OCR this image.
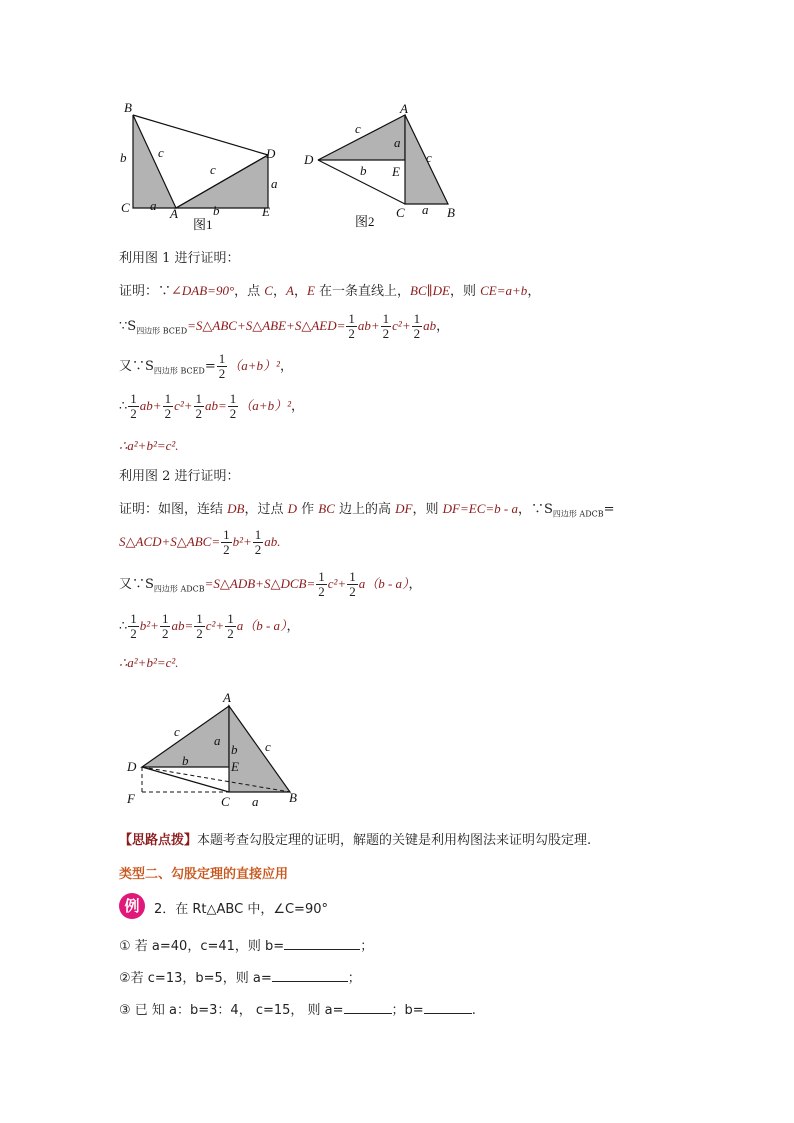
B
C	A
D
E
b c
c
a	b
a
图1
A
D
E
C	B
c
a
b
c
a
图2
利用图 1 进行证明：
证明：∵∠DAB=90°，点 C，A，E 在一条直线上，BC∥DE，则 CE=a+b，
$\because S_{四边形 BCED}=S\triangle ABC+S\triangle ABE+S\triangle AED= \frac{1}{2} ab+ \frac{1}{2} c^2+ \frac{1}{2}$ ab，
又$\because S_{四边形 BCED}= \frac{1}{2} (a+b)^2$，
∴ $\frac{1}{2} ab+ \frac{1}{2} c^2+ \frac{1}{2} ab= \frac{1}{2} (a+b)^2$，
∴a²+b²=c².
利用图 2 进行证明：
证明：如图，连结 DB，过点 D 作 BC 边上的高 DF，则 DF=EC=b - a，$\because S_{四边形 ADCB}=$
S△ACD+S△ABC= $\frac{1}{2} b^2+ \frac{1}{2}$ ab.
又$\because S_{四边形 ADCB}=S\triangle ADB+S\triangle DCB= \frac{1}{2} c^2+ \frac{1}{2} a(b - a)$，
∴ $\frac{1}{2} b^2+ \frac{1}{2} ab= \frac{1}{2} c^2+ \frac{1}{2} a(b - a)$，
∴a²+b²=c².
A
D	E
F	C	B
c
a
b
b c
a
【思路点拨】本题考查勾股定理的证明，解题的关键是利用构图法来证明勾股定理.
类型二、勾股定理的直接应用
例	2．在 Rt△ABC 中，∠C=90°
① 若 a=40，c=41，则 b=	；
②若 c=13，b=5，则 a=	；
③ 已 知 a：b=3：4， c=15， 则 a=	；b=	.
